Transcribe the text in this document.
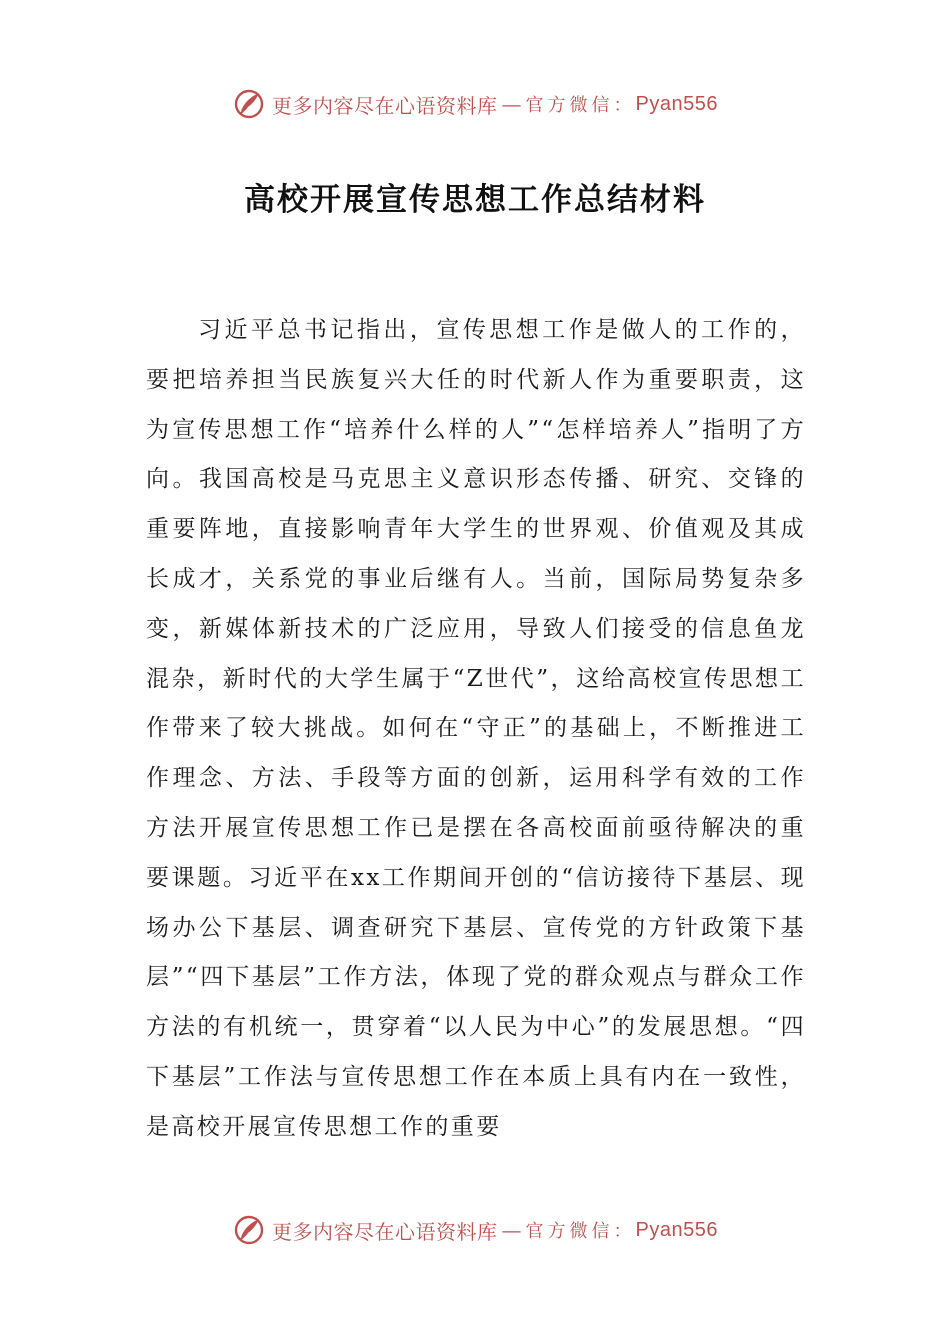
更多内容尽在心语资料库 — 官方微信： Pyan556
高校开展宣传思想工作总结材料

习近平总书记指出，宣传思想工作是做人的工作的，要把培养担当民族复兴大任的时代新人作为重要职责，这为宣传思想工作“培养什么样的人”“怎样培养人”指明了方向。我国高校是马克思主义意识形态传播、研究、交锋的重要阵地，直接影响青年大学生的世界观、价值观及其成长成才，关系党的事业后继有人。当前，国际局势复杂多变，新媒体新技术的广泛应用，导致人们接受的信息鱼龙混杂，新时代的大学生属于“Z世代”，这给高校宣传思想工作带来了较大挑战。如何在“守正”的基础上，不断推进工作理念、方法、手段等方面的创新，运用科学有效的工作方法开展宣传思想工作已是摆在各高校面前亟待解决的重要课题。习近平在xx工作期间开创的“信访接待下基层、现场办公下基层、调查研究下基层、宣传党的方针政策下基层”“四下基层”工作方法，体现了党的群众观点与群众工作方法的有机统一，贯穿着“以人民为中心”的发展思想。“四下基层”工作法与宣传思想工作在本质上具有内在一致性，是高校开展宣传思想工作的重要

更多内容尽在心语资料库 — 官方微信： Pyan556
